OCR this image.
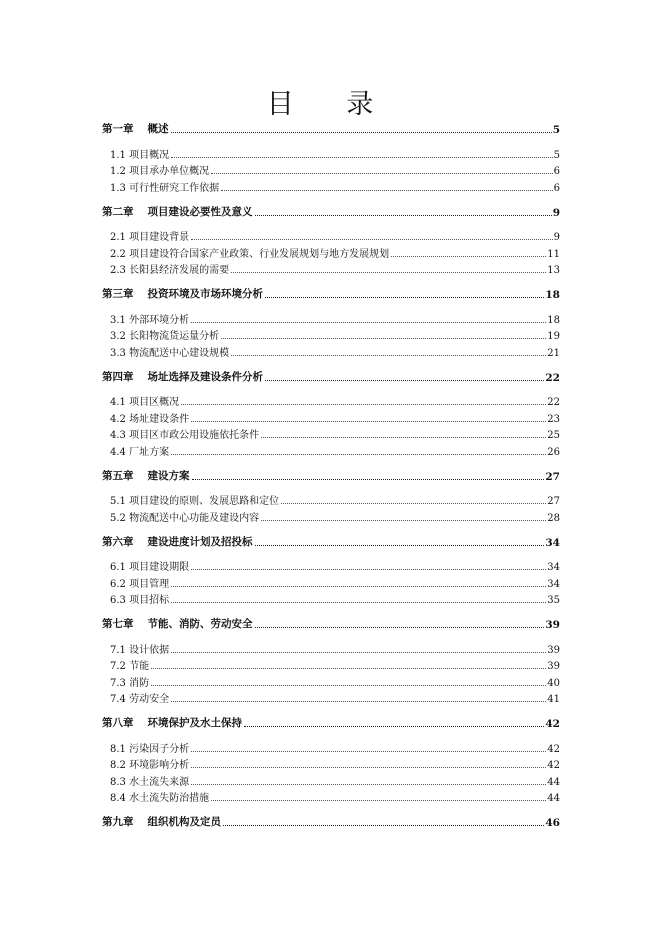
目 录
第一章 概述	5
1.1 项目概况	5
1.2 项目承办单位概况	6
1.3 可行性研究工作依据	6
第二章 项目建设必要性及意义	9
2.1 项目建设背景	9
2.2 项目建设符合国家产业政策、行业发展规划与地方发展规划	11
2.3 长阳县经济发展的需要	13
第三章 投资环境及市场环境分析	18
3.1 外部环境分析	18
3.2 长阳物流货运量分析	19
3.3 物流配送中心建设规模	21
第四章 场址选择及建设条件分析	22
4.1 项目区概况	22
4.2 场址建设条件	23
4.3 项目区市政公用设施依托条件	25
4.4 厂址方案	26
第五章 建设方案	27
5.1 项目建设的原则、发展思路和定位	27
5.2 物流配送中心功能及建设内容	28
第六章 建设进度计划及招投标	34
6.1 项目建设期限	34
6.2 项目管理	34
6.3 项目招标	35
第七章 节能、消防、劳动安全	39
7.1 设计依据	39
7.2 节能	39
7.3 消防	40
7.4 劳动安全	41
第八章 环境保护及水土保持	42
8.1 污染因子分析	42
8.2 环境影响分析	42
8.3 水土流失来源	44
8.4 水土流失防治措施	44
第九章 组织机构及定员	46
